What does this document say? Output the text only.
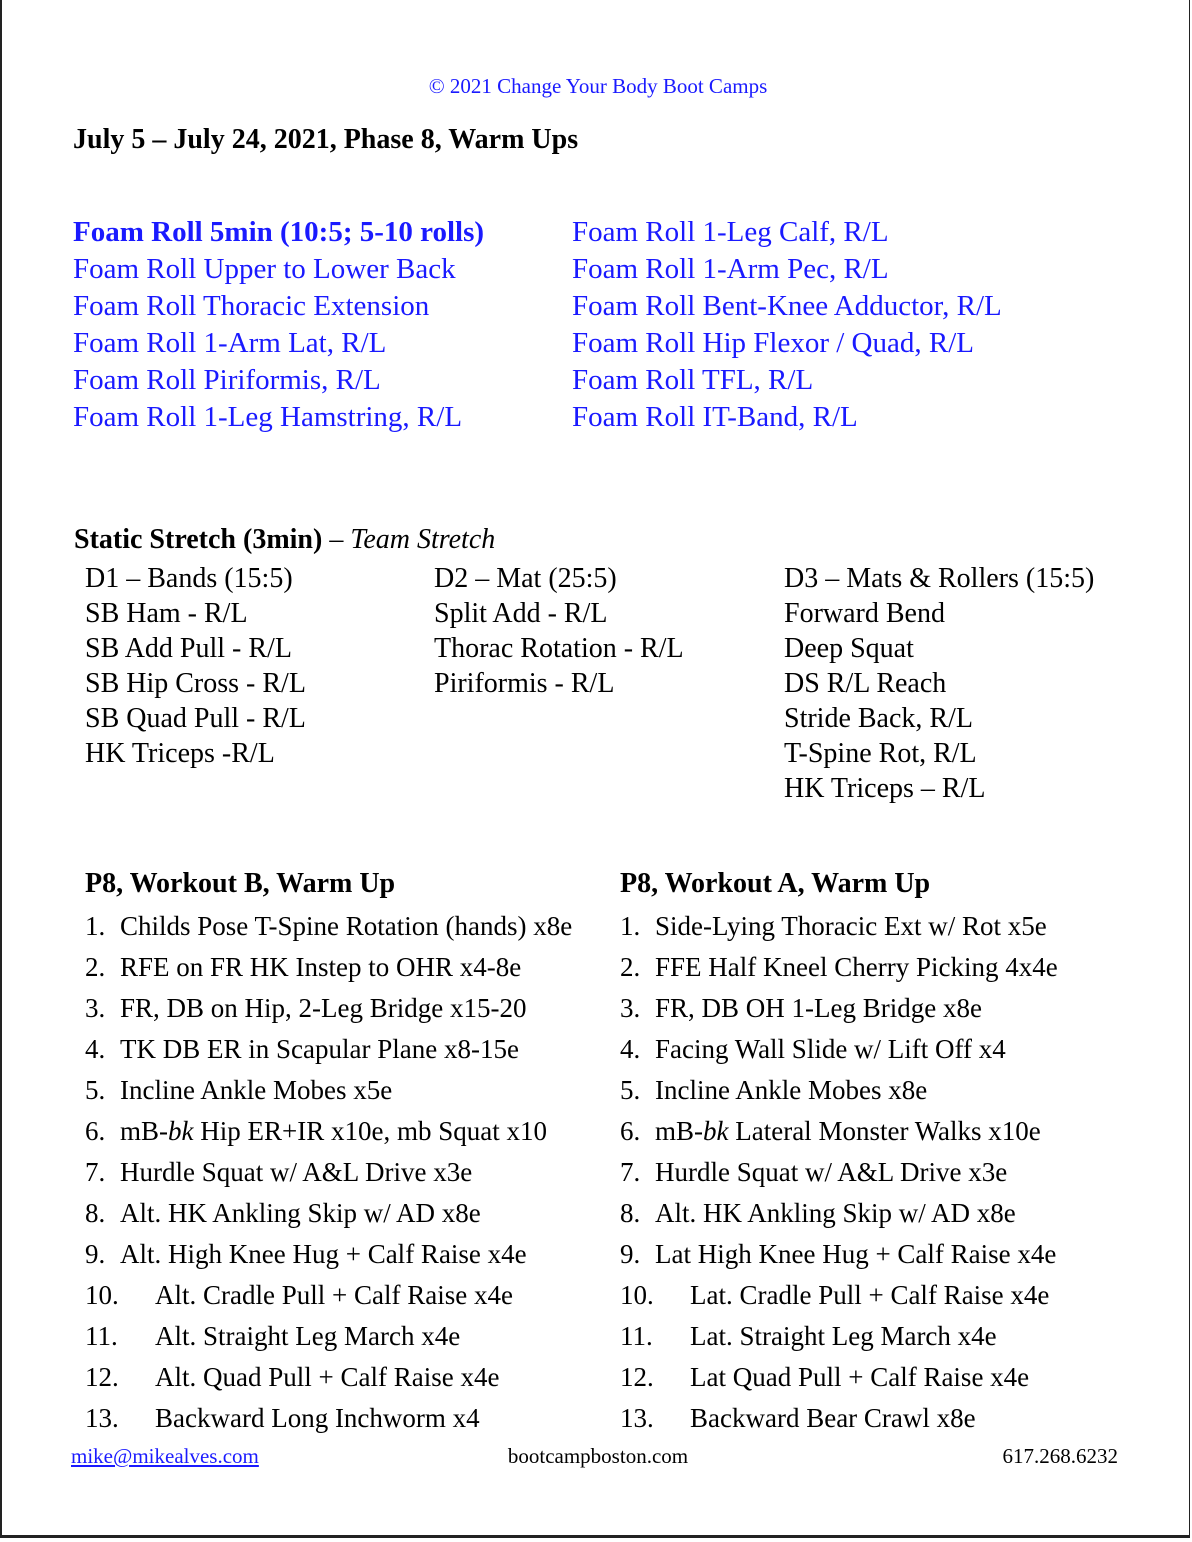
© 2021 Change Your Body Boot Camps
July 5 – July 24, 2021, Phase 8, Warm Ups
Foam Roll 5min (10:5; 5-10 rolls)
Foam Roll Upper to Lower Back
Foam Roll Thoracic Extension
Foam Roll 1-Arm Lat, R/L
Foam Roll Piriformis, R/L
Foam Roll 1-Leg Hamstring, R/L
Foam Roll 1-Leg Calf, R/L
Foam Roll 1-Arm Pec, R/L
Foam Roll Bent-Knee Adductor, R/L
Foam Roll Hip Flexor / Quad, R/L
Foam Roll TFL, R/L
Foam Roll IT-Band, R/L
Static Stretch (3min) – Team Stretch
D1 – Bands (15:5)
SB Ham - R/L
SB Add Pull - R/L
SB Hip Cross - R/L
SB Quad Pull - R/L
HK Triceps -R/L
D2 – Mat (25:5)
Split Add - R/L
Thorac Rotation - R/L
Piriformis - R/L
D3 – Mats & Rollers (15:5)
Forward Bend
Deep Squat
DS R/L Reach
Stride Back, R/L
T-Spine Rot, R/L
HK Triceps – R/L
P8, Workout B, Warm Up
1. Childs Pose T-Spine Rotation (hands) x8e
2. RFE on FR HK Instep to OHR x4-8e
3. FR, DB on Hip, 2-Leg Bridge x15-20
4. TK DB ER in Scapular Plane x8-15e
5. Incline Ankle Mobes x5e
6. mB-bk Hip ER+IR x10e, mb Squat x10
7. Hurdle Squat w/ A&L Drive x3e
8. Alt. HK Ankling Skip w/ AD x8e
9. Alt. High Knee Hug + Calf Raise x4e
10. Alt. Cradle Pull + Calf Raise x4e
11. Alt. Straight Leg March x4e
12. Alt. Quad Pull + Calf Raise x4e
13. Backward Long Inchworm x4
P8, Workout A, Warm Up
1. Side-Lying Thoracic Ext w/ Rot x5e
2. FFE Half Kneel Cherry Picking 4x4e
3. FR, DB OH 1-Leg Bridge x8e
4. Facing Wall Slide w/ Lift Off x4
5. Incline Ankle Mobes x8e
6. mB-bk Lateral Monster Walks x10e
7. Hurdle Squat w/ A&L Drive x3e
8. Alt. HK Ankling Skip w/ AD x8e
9. Lat High Knee Hug + Calf Raise x4e
10. Lat. Cradle Pull + Calf Raise x4e
11. Lat. Straight Leg March x4e
12. Lat Quad Pull + Calf Raise x4e
13. Backward Bear Crawl x8e
bootcampboston.com
mike@mikealves.com	617.268.6232
